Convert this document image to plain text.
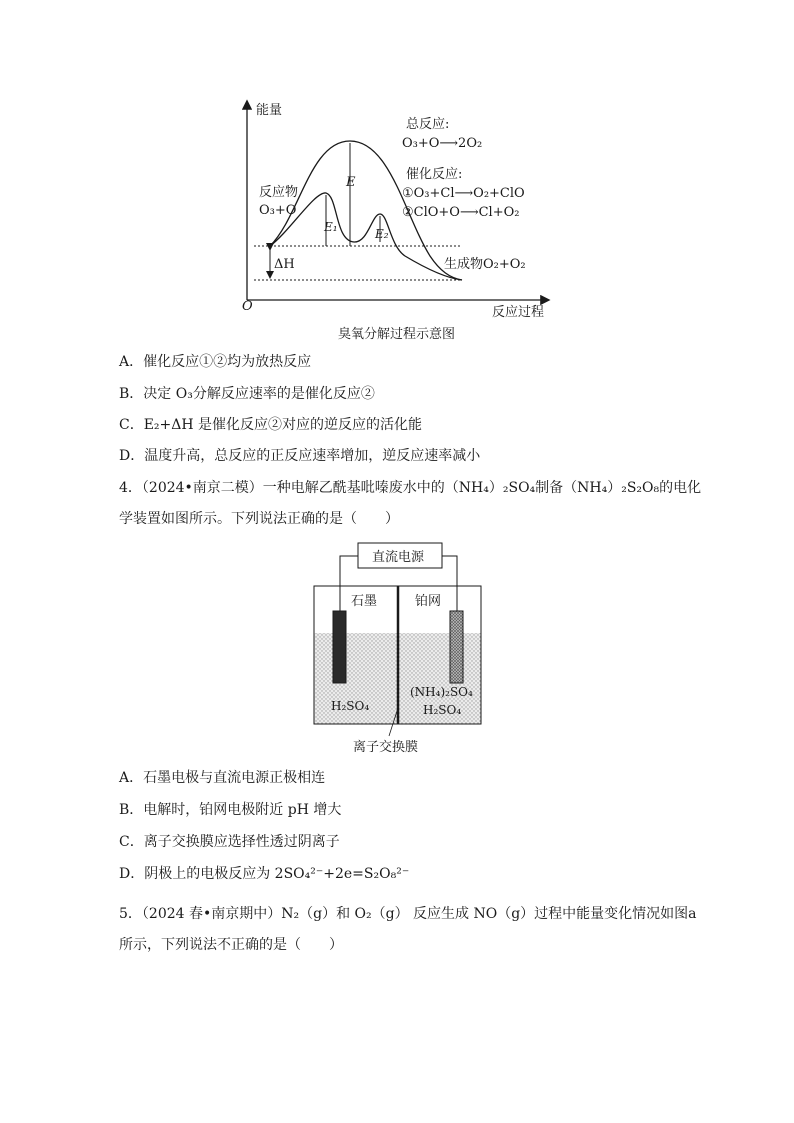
能量
反应过程
O
ΔH
E
E₁	E₂
反应物
O₃+O
总反应:
O₃+O⟶2O₂
催化反应:
①O₃+Cl⟶O₂+ClO
②ClO+O⟶Cl+O₂
生成物O₂+O₂
臭氧分解过程示意图
A．催化反应①②均为放热反应
B．决定 O₃分解反应速率的是催化反应②
C．E₂+ΔH 是催化反应②对应的逆反应的活化能
D．温度升高，总反应的正反应速率增加，逆反应速率减小
4．（2024•南京二模）一种电解乙酰基吡嗪废水中的（NH₄）₂SO₄制备（NH₄）₂S₂O₈的电化
学装置如图所示。下列说法正确的是（　　）
直流电源
石墨	铂网
H₂SO₄
(NH₄)₂SO₄
H₂SO₄
离子交换膜
A．石墨电极与直流电源正极相连
B．电解时，铂网电极附近 pH 增大
C．离子交换膜应选择性透过阴离子
D．阴极上的电极反应为 2SO₄²⁻+2e=S₂O₈²⁻
5．（2024 春•南京期中）N₂（g）和 O₂（g） 反应生成 NO（g）过程中能量变化情况如图a
所示，下列说法不正确的是（　　）
